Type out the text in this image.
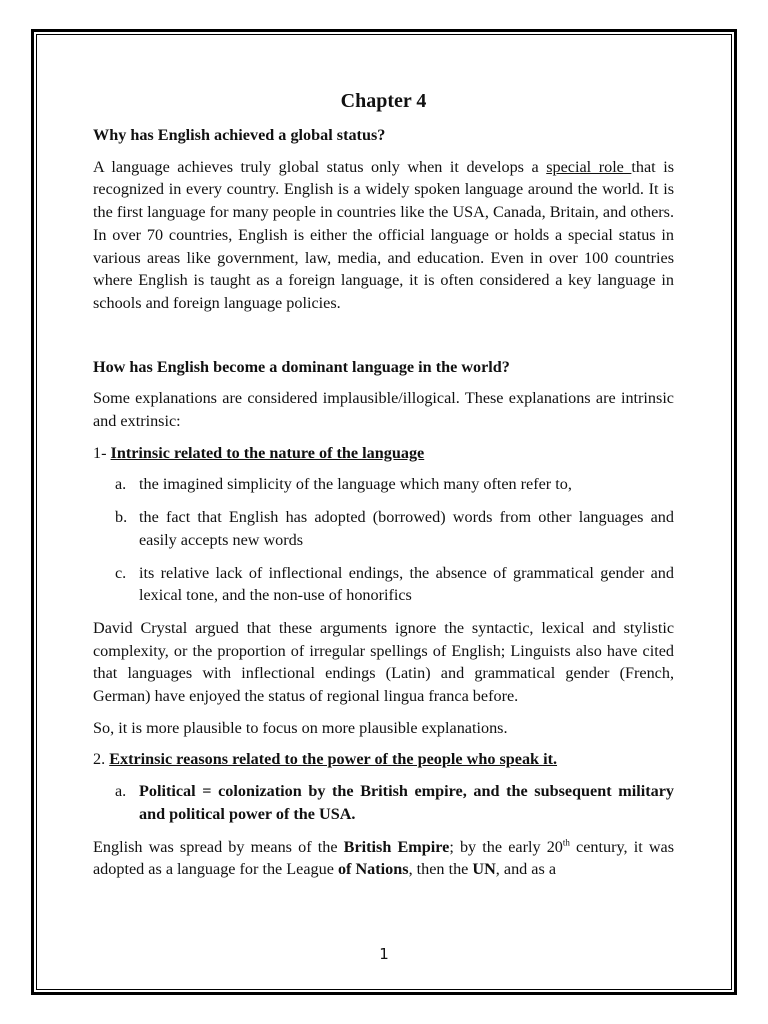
Chapter 4
Why has English achieved a global status?

A language achieves truly global status only when it develops a special role that is recognized in every country. English is a widely spoken language around the world. It is the first language for many people in countries like the USA, Canada, Britain, and others. In over 70 countries, English is either the official language or holds a special status in various areas like government, law, media, and education. Even in over 100 countries where English is taught as a foreign language, it is often considered a key language in schools and foreign language policies.

How has English become a dominant language in the world?

Some explanations are considered implausible/illogical. These explanations are intrinsic and extrinsic:

1- Intrinsic related to the nature of the language

a. the imagined simplicity of the language which many often refer to,
b. the fact that English has adopted (borrowed) words from other languages and easily accepts new words
c. its relative lack of inflectional endings, the absence of grammatical gender and lexical tone, and the non-use of honorifics

David Crystal argued that these arguments ignore the syntactic, lexical and stylistic complexity, or the proportion of irregular spellings of English; Linguists also have cited that languages with inflectional endings (Latin) and grammatical gender (French, German) have enjoyed the status of regional lingua franca before.

So, it is more plausible to focus on more plausible explanations.

2. Extrinsic reasons related to the power of the people who speak it.

a. Political = colonization by the British empire, and the subsequent military and political power of the USA.

English was spread by means of the British Empire; by the early 20th century, it was adopted as a language for the League of Nations, then the UN, and as a

1
